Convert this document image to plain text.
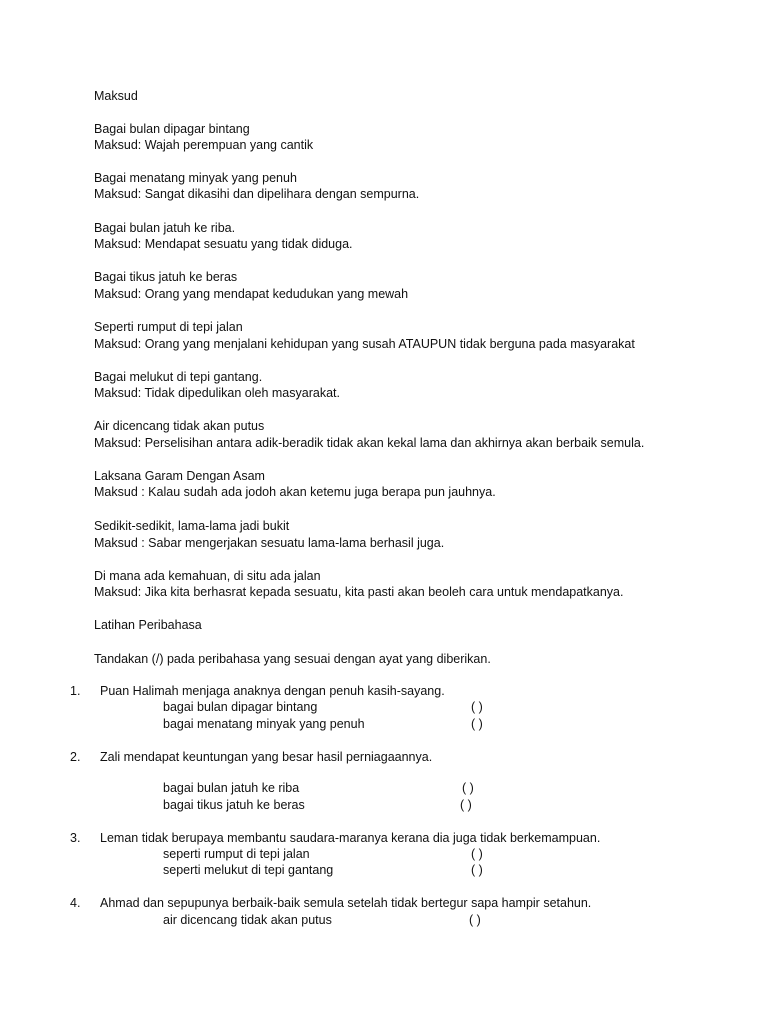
Maksud
Bagai bulan dipagar bintang
Maksud: Wajah perempuan yang cantik
Bagai menatang minyak yang penuh
Maksud: Sangat dikasihi dan dipelihara dengan sempurna.
Bagai bulan jatuh ke riba.
Maksud: Mendapat sesuatu yang tidak diduga.
Bagai tikus jatuh ke beras
Maksud: Orang yang mendapat kedudukan yang mewah
Seperti rumput di tepi jalan
Maksud: Orang yang menjalani kehidupan yang susah ATAUPUN tidak berguna pada masyarakat
Bagai melukut di tepi gantang.
Maksud: Tidak dipedulikan oleh masyarakat.
Air dicencang tidak akan putus
Maksud: Perselisihan antara adik-beradik tidak akan kekal lama dan akhirnya akan berbaik semula.
Laksana Garam Dengan Asam
Maksud : Kalau sudah ada jodoh akan ketemu juga berapa pun jauhnya.
Sedikit-sedikit, lama-lama jadi bukit
Maksud : Sabar mengerjakan sesuatu lama-lama berhasil juga.
Di mana ada kemahuan, di situ ada jalan
Maksud: Jika kita berhasrat kepada sesuatu, kita pasti akan beoleh cara untuk mendapatkanya.
Latihan Peribahasa
Tandakan (/) pada peribahasa yang sesuai dengan ayat yang diberikan.
1. Puan Halimah menjaga anaknya dengan penuh kasih-sayang.
bagai bulan dipagar bintang	( )
bagai menatang minyak yang penuh	( )
2. Zali mendapat keuntungan yang besar hasil perniagaannya.
bagai bulan jatuh ke riba	( )
bagai tikus jatuh ke beras	( )
3. Leman tidak berupaya membantu saudara-maranya kerana dia juga tidak berkemampuan.
seperti rumput di tepi jalan	( )
seperti melukut di tepi gantang	( )
4. Ahmad dan sepupunya berbaik-baik semula setelah tidak bertegur sapa hampir setahun.
air dicencang tidak akan putus	( )
